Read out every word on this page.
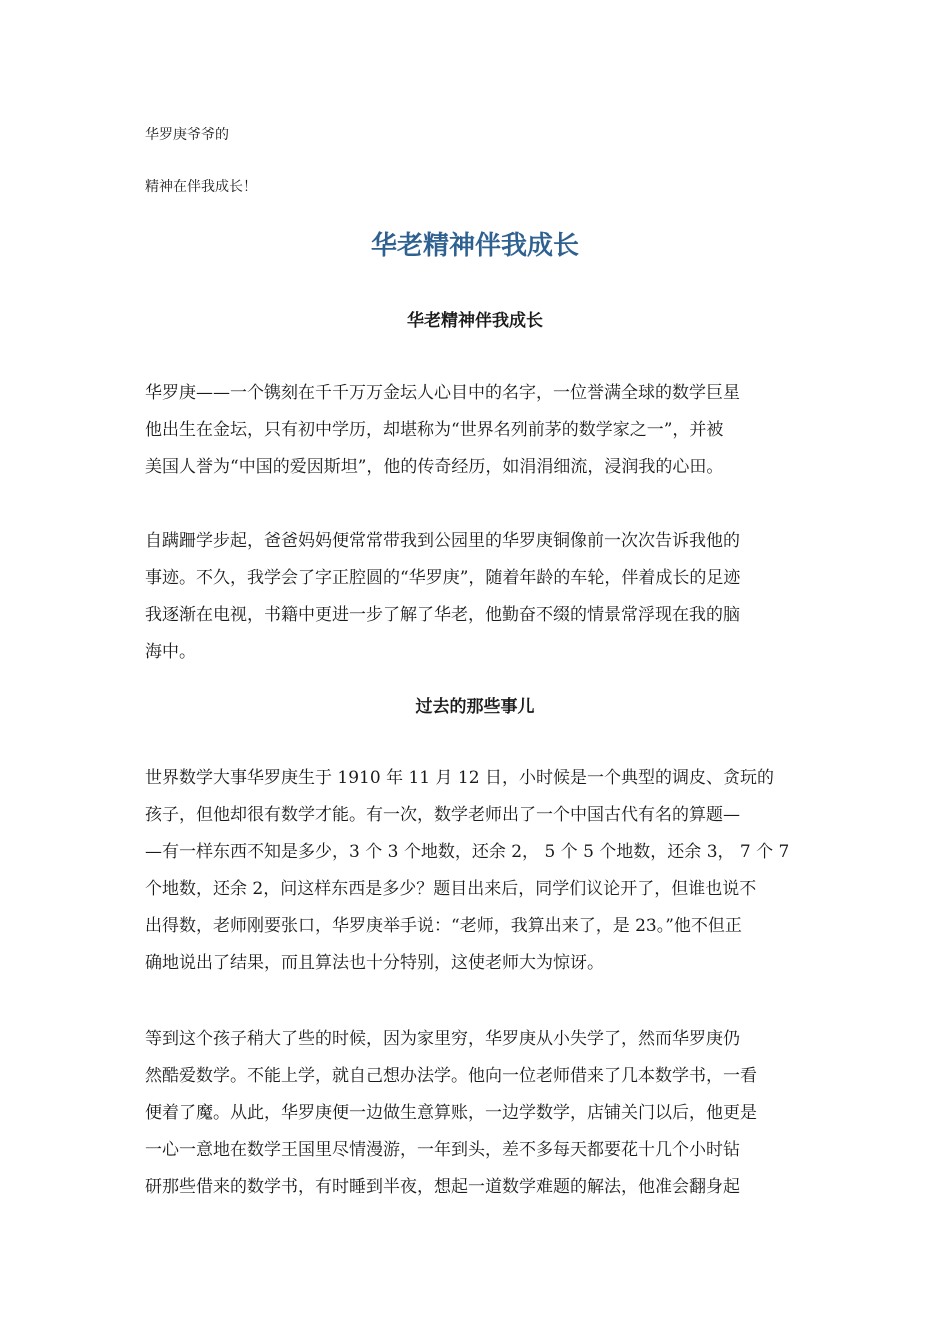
华罗庚爷爷的
精神在伴我成长！
华老精神伴我成长
华老精神伴我成长
华罗庚——一个镌刻在千千万万金坛人心目中的名字，一位誉满全球的数学巨星
他出生在金坛，只有初中学历，却堪称为“世界名列前茅的数学家之一”，并被
美国人誉为“中国的爱因斯坦”，他的传奇经历，如涓涓细流，浸润我的心田。
自蹒跚学步起，爸爸妈妈便常常带我到公园里的华罗庚铜像前一次次告诉我他的
事迹。不久，我学会了字正腔圆的“华罗庚”，随着年龄的车轮，伴着成长的足迹
我逐渐在电视，书籍中更进一步了解了华老，他勤奋不缀的情景常浮现在我的脑
海中。
过去的那些事儿
世界数学大事华罗庚生于 1910 年 11 月 12 日，小时候是一个典型的调皮、贪玩的
孩子，但他却很有数学才能。有一次，数学老师出了一个中国古代有名的算题—
—有一样东西不知是多少，3 个 3 个地数，还余 2， 5 个 5 个地数，还余 3， 7 个 7
个地数，还余 2，问这样东西是多少？题目出来后，同学们议论开了，但谁也说不
出得数，老师刚要张口，华罗庚举手说：“老师，我算出来了，是 23。”他不但正
确地说出了结果，而且算法也十分特别，这使老师大为惊讶。
等到这个孩子稍大了些的时候，因为家里穷，华罗庚从小失学了，然而华罗庚仍
然酷爱数学。不能上学，就自己想办法学。他向一位老师借来了几本数学书，一看
便着了魔。从此，华罗庚便一边做生意算账，一边学数学，店铺关门以后，他更是
一心一意地在数学王国里尽情漫游，一年到头，差不多每天都要花十几个小时钻
研那些借来的数学书，有时睡到半夜，想起一道数学难题的解法，他准会翻身起
